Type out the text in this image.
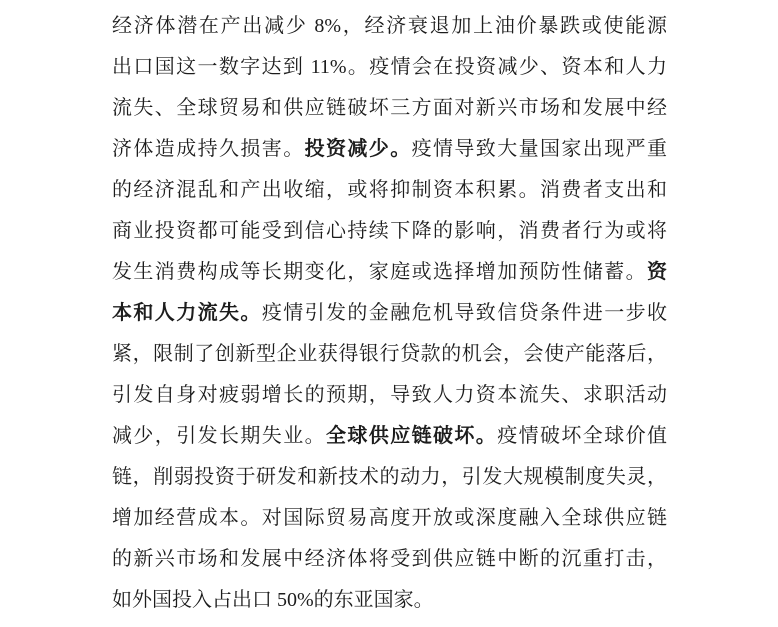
经济体潜在产出减少 8%，经济衰退加上油价暴跌或使能源
出口国这一数字达到 11%。疫情会在投资减少、资本和人力
流失、全球贸易和供应链破坏三方面对新兴市场和发展中经
济体造成持久损害。投资减少。疫情导致大量国家出现严重
的经济混乱和产出收缩，或将抑制资本积累。消费者支出和
商业投资都可能受到信心持续下降的影响，消费者行为或将
发生消费构成等长期变化，家庭或选择增加预防性储蓄。资
本和人力流失。疫情引发的金融危机导致信贷条件进一步收
紧，限制了创新型企业获得银行贷款的机会，会使产能落后，
引发自身对疲弱增长的预期，导致人力资本流失、求职活动
减少，引发长期失业。全球供应链破坏。疫情破坏全球价值
链，削弱投资于研发和新技术的动力，引发大规模制度失灵，
增加经营成本。对国际贸易高度开放或深度融入全球供应链
的新兴市场和发展中经济体将受到供应链中断的沉重打击，
如外国投入占出口 50%的东亚国家。
